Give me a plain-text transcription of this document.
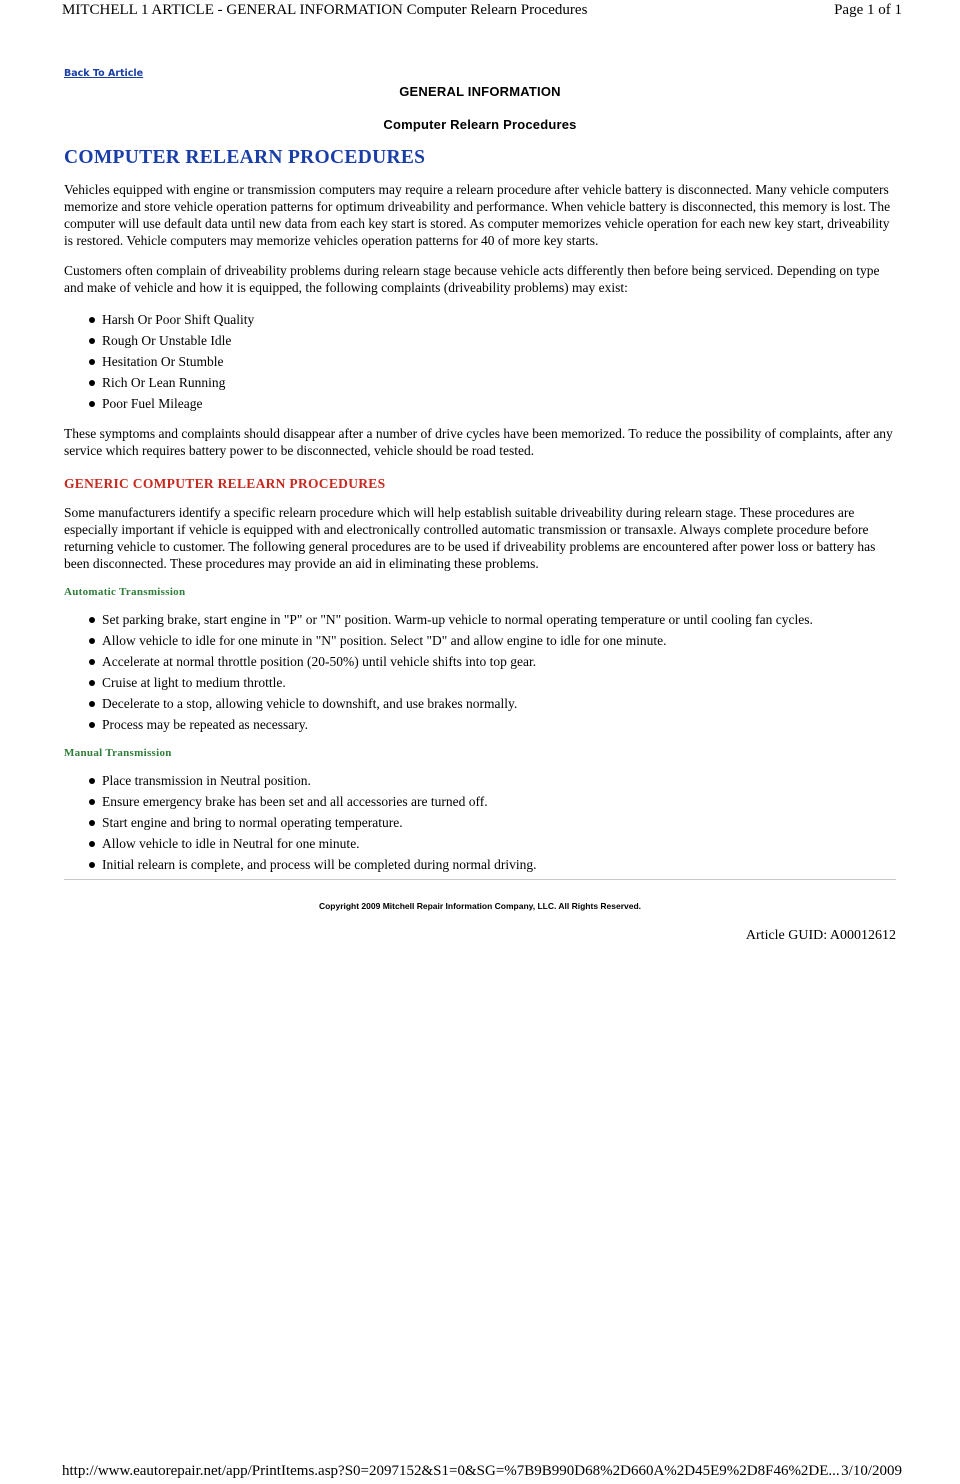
MITCHELL 1 ARTICLE - GENERAL INFORMATION Computer Relearn Procedures	Page 1 of 1
Back To Article
GENERAL INFORMATION
Computer Relearn Procedures
COMPUTER RELEARN PROCEDURES

Vehicles equipped with engine or transmission computers may require a relearn procedure after vehicle battery is disconnected. Many vehicle computers memorize and store vehicle operation patterns for optimum driveability and performance. When vehicle battery is disconnected, this memory is lost. The computer will use default data until new data from each key start is stored. As computer memorizes vehicle operation for each new key start, driveability is restored. Vehicle computers may memorize vehicles operation patterns for 40 of more key starts.

Customers often complain of driveability problems during relearn stage because vehicle acts differently then before being serviced. Depending on type and make of vehicle and how it is equipped, the following complaints (driveability problems) may exist:

Harsh Or Poor Shift Quality
Rough Or Unstable Idle
Hesitation Or Stumble
Rich Or Lean Running
Poor Fuel Mileage

These symptoms and complaints should disappear after a number of drive cycles have been memorized. To reduce the possibility of complaints, after any service which requires battery power to be disconnected, vehicle should be road tested.

GENERIC COMPUTER RELEARN PROCEDURES

Some manufacturers identify a specific relearn procedure which will help establish suitable driveability during relearn stage. These procedures are especially important if vehicle is equipped with and electronically controlled automatic transmission or transaxle. Always complete procedure before returning vehicle to customer. The following general procedures are to be used if driveability problems are encountered after power loss or battery has been disconnected. These procedures may provide an aid in eliminating these problems.

Automatic Transmission
Set parking brake, start engine in "P" or "N" position. Warm-up vehicle to normal operating temperature or until cooling fan cycles.
Allow vehicle to idle for one minute in "N" position. Select "D" and allow engine to idle for one minute.
Accelerate at normal throttle position (20-50%) until vehicle shifts into top gear.
Cruise at light to medium throttle.
Decelerate to a stop, allowing vehicle to downshift, and use brakes normally.
Process may be repeated as necessary.
Manual Transmission
Place transmission in Neutral position.
Ensure emergency brake has been set and all accessories are turned off.
Start engine and bring to normal operating temperature.
Allow vehicle to idle in Neutral for one minute.
Initial relearn is complete, and process will be completed during normal driving.
Copyright 2009 Mitchell Repair Information Company, LLC. All Rights Reserved.
Article GUID: A00012612
http://www.eautorepair.net/app/PrintItems.asp?S0=2097152&S1=0&SG=%7B9B990D68%2D660A%2D45E9%2D8F46%2DE... 3/10/2009
